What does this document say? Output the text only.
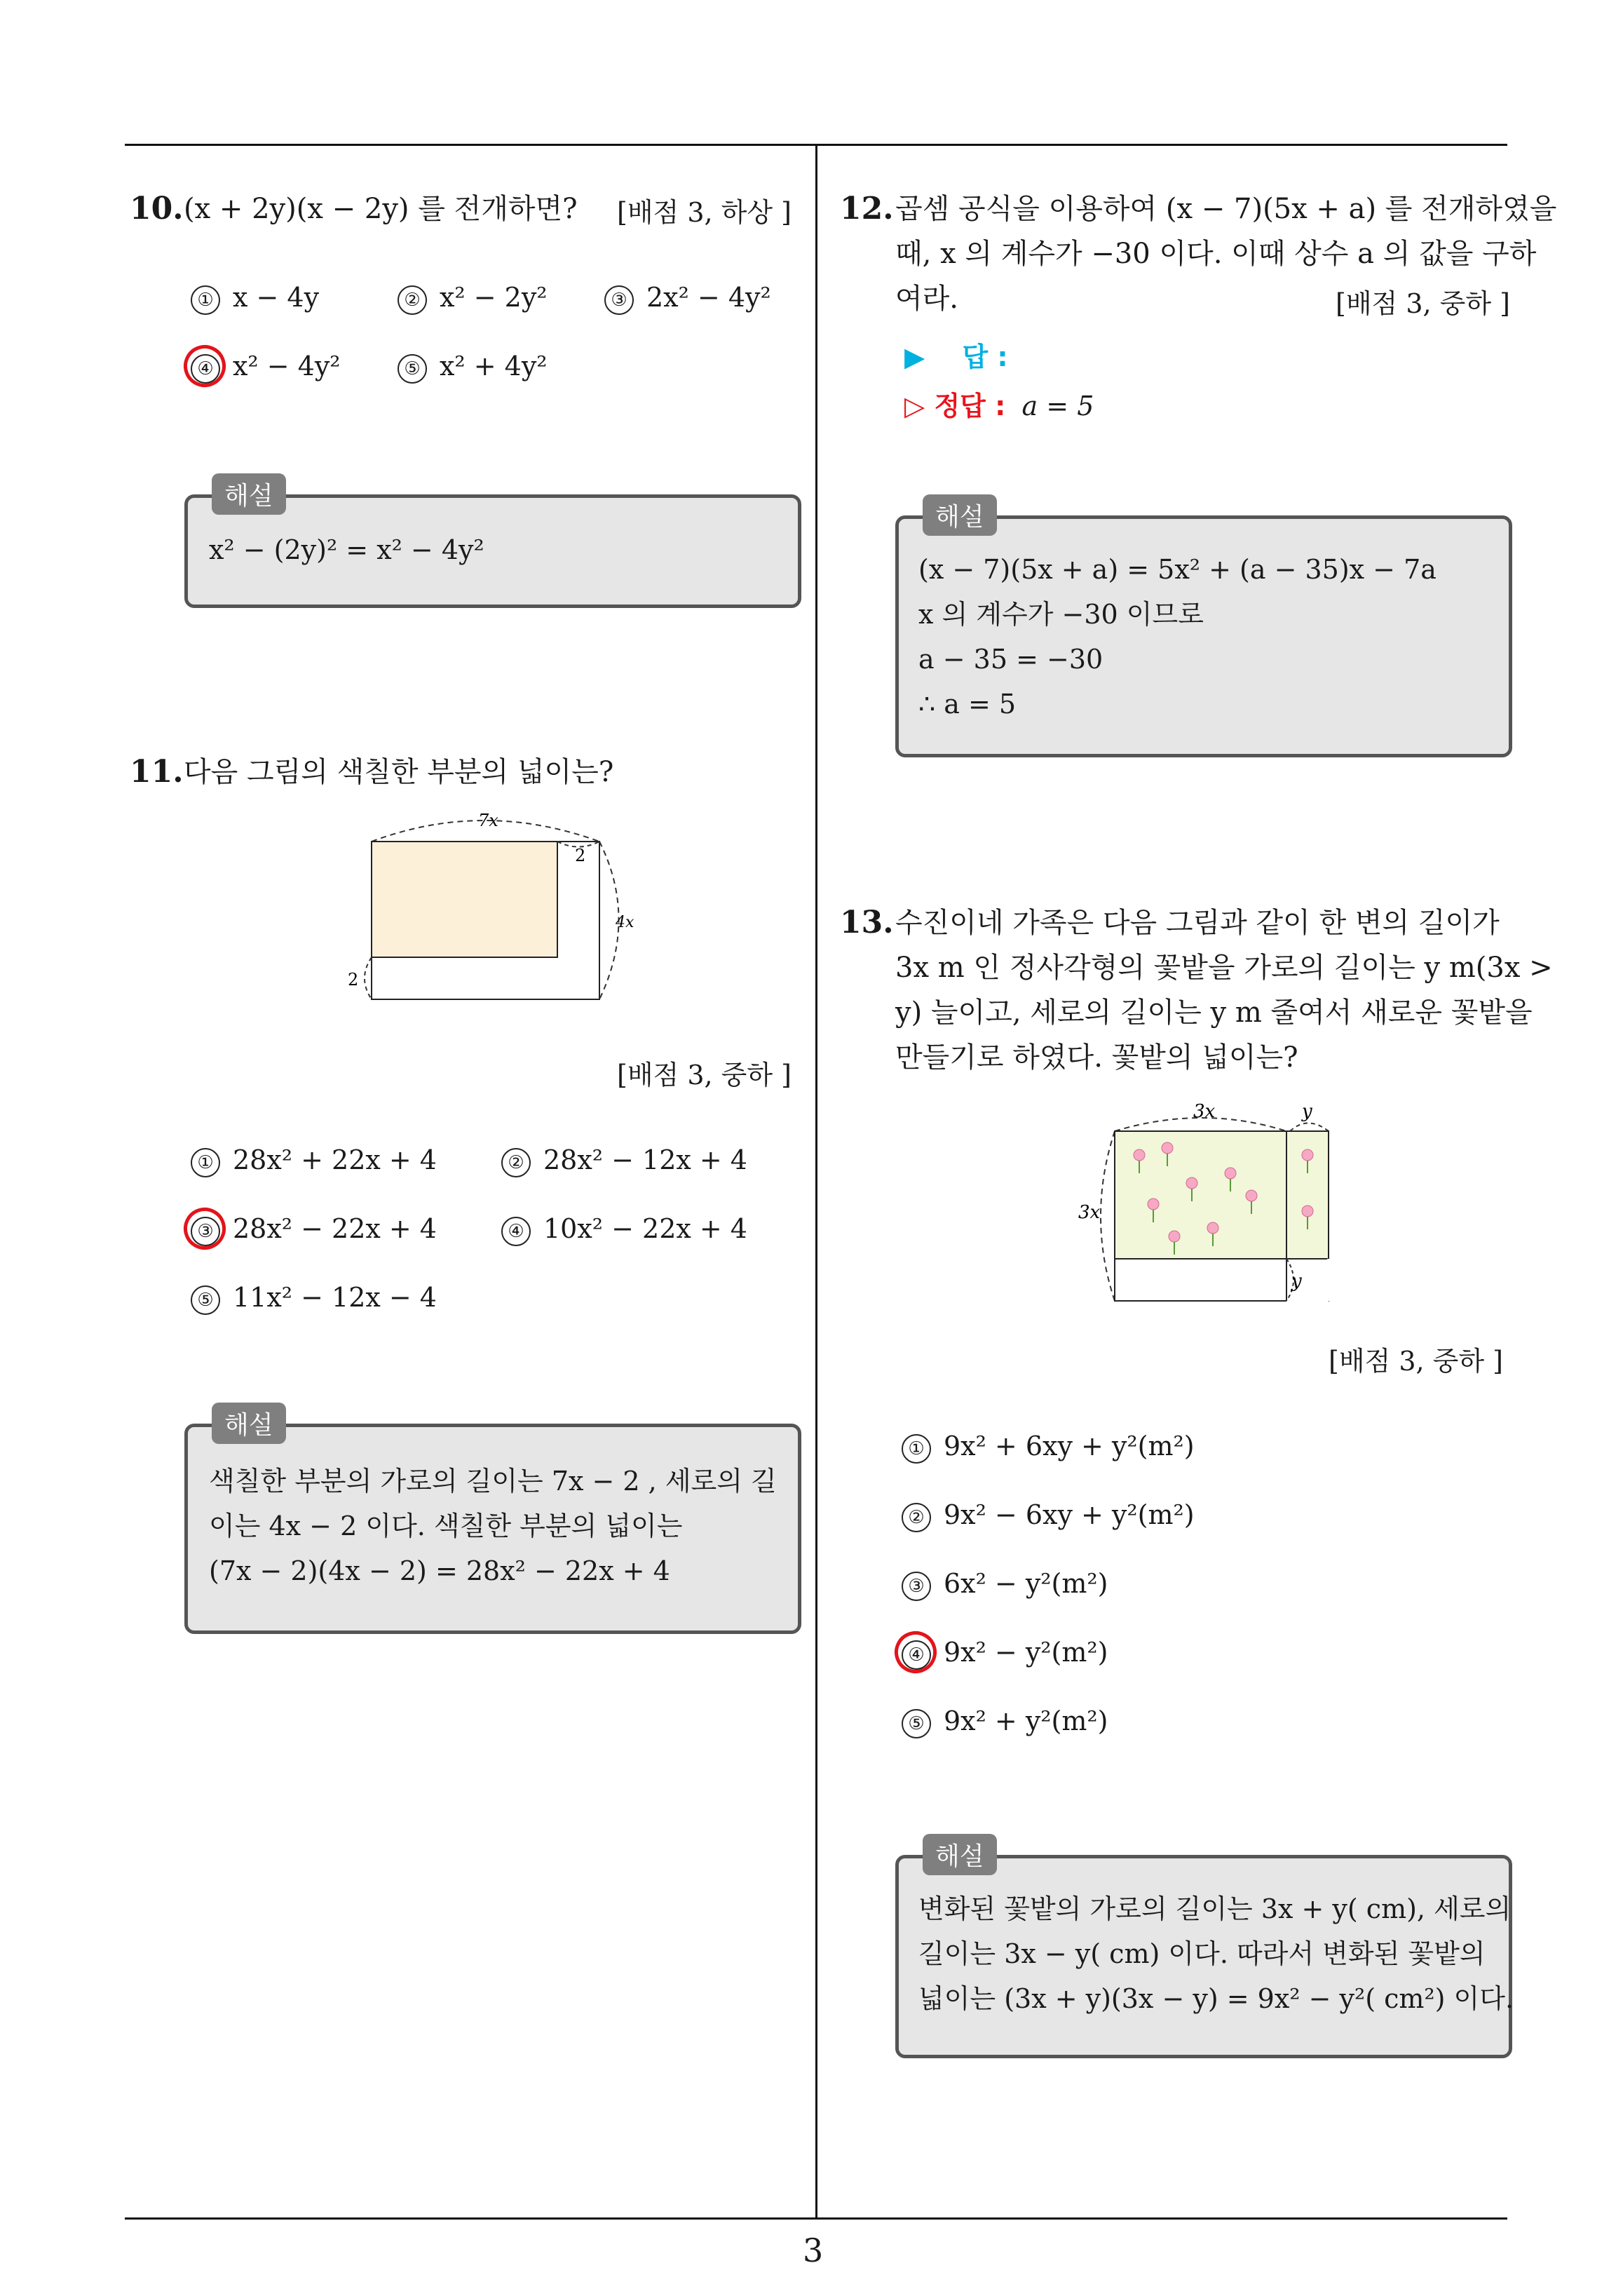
3
10. (x + 2y)(x − 2y) 를 전개하면? [배점 3, 하상 ]
① x − 4y	② x² − 2y²	③ 2x² − 4y²
④ x² − 4y²	⑤ x² + 4y²
해설
x² − (2y)² = x² − 4y²
11. 다음 그림의 색칠한 부분의 넓이는?
7x
2
4x
2
[배점 3, 중하 ]
① 28x² + 22x + 4	② 28x² − 12x + 4
③ 28x² − 22x + 4	④ 10x² − 22x + 4
⑤ 11x² − 12x − 4
해설
색칠한 부분의 가로의 길이는 7x − 2 , 세로의 길
이는 4x − 2 이다. 색칠한 부분의 넓이는
(7x − 2)(4x − 2) = 28x² − 22x + 4
12. 곱셈 공식을 이용하여 (x − 7)(5x + a) 를 전개하였을
때, x 의 계수가 −30 이다. 이때 상수 a 의 값을 구하
여라.	[배점 3, 중하 ]
▶ 답 :
▷ 정답 : a = 5
해설
(x − 7)(5x + a) = 5x² + (a − 35)x − 7a
x 의 계수가 −30 이므로
a − 35 = −30
∴ a = 5
13. 수진이네 가족은 다음 그림과 같이 한 변의 길이가
3x m 인 정사각형의 꽃밭을 가로의 길이는 y m(3x >
y) 늘이고, 세로의 길이는 y m 줄여서 새로운 꽃밭을
만들기로 하였다. 꽃밭의 넓이는?
3x	y
3x
y
[배점 3, 중하 ]
① 9x² + 6xy + y²(m²)
② 9x² − 6xy + y²(m²)
③ 6x² − y²(m²)
④ 9x² − y²(m²)
⑤ 9x² + y²(m²)
해설
변화된 꽃밭의 가로의 길이는 3x + y( cm), 세로의
길이는 3x − y( cm) 이다. 따라서 변화된 꽃밭의
넓이는 (3x + y)(3x − y) = 9x² − y²( cm²) 이다.
